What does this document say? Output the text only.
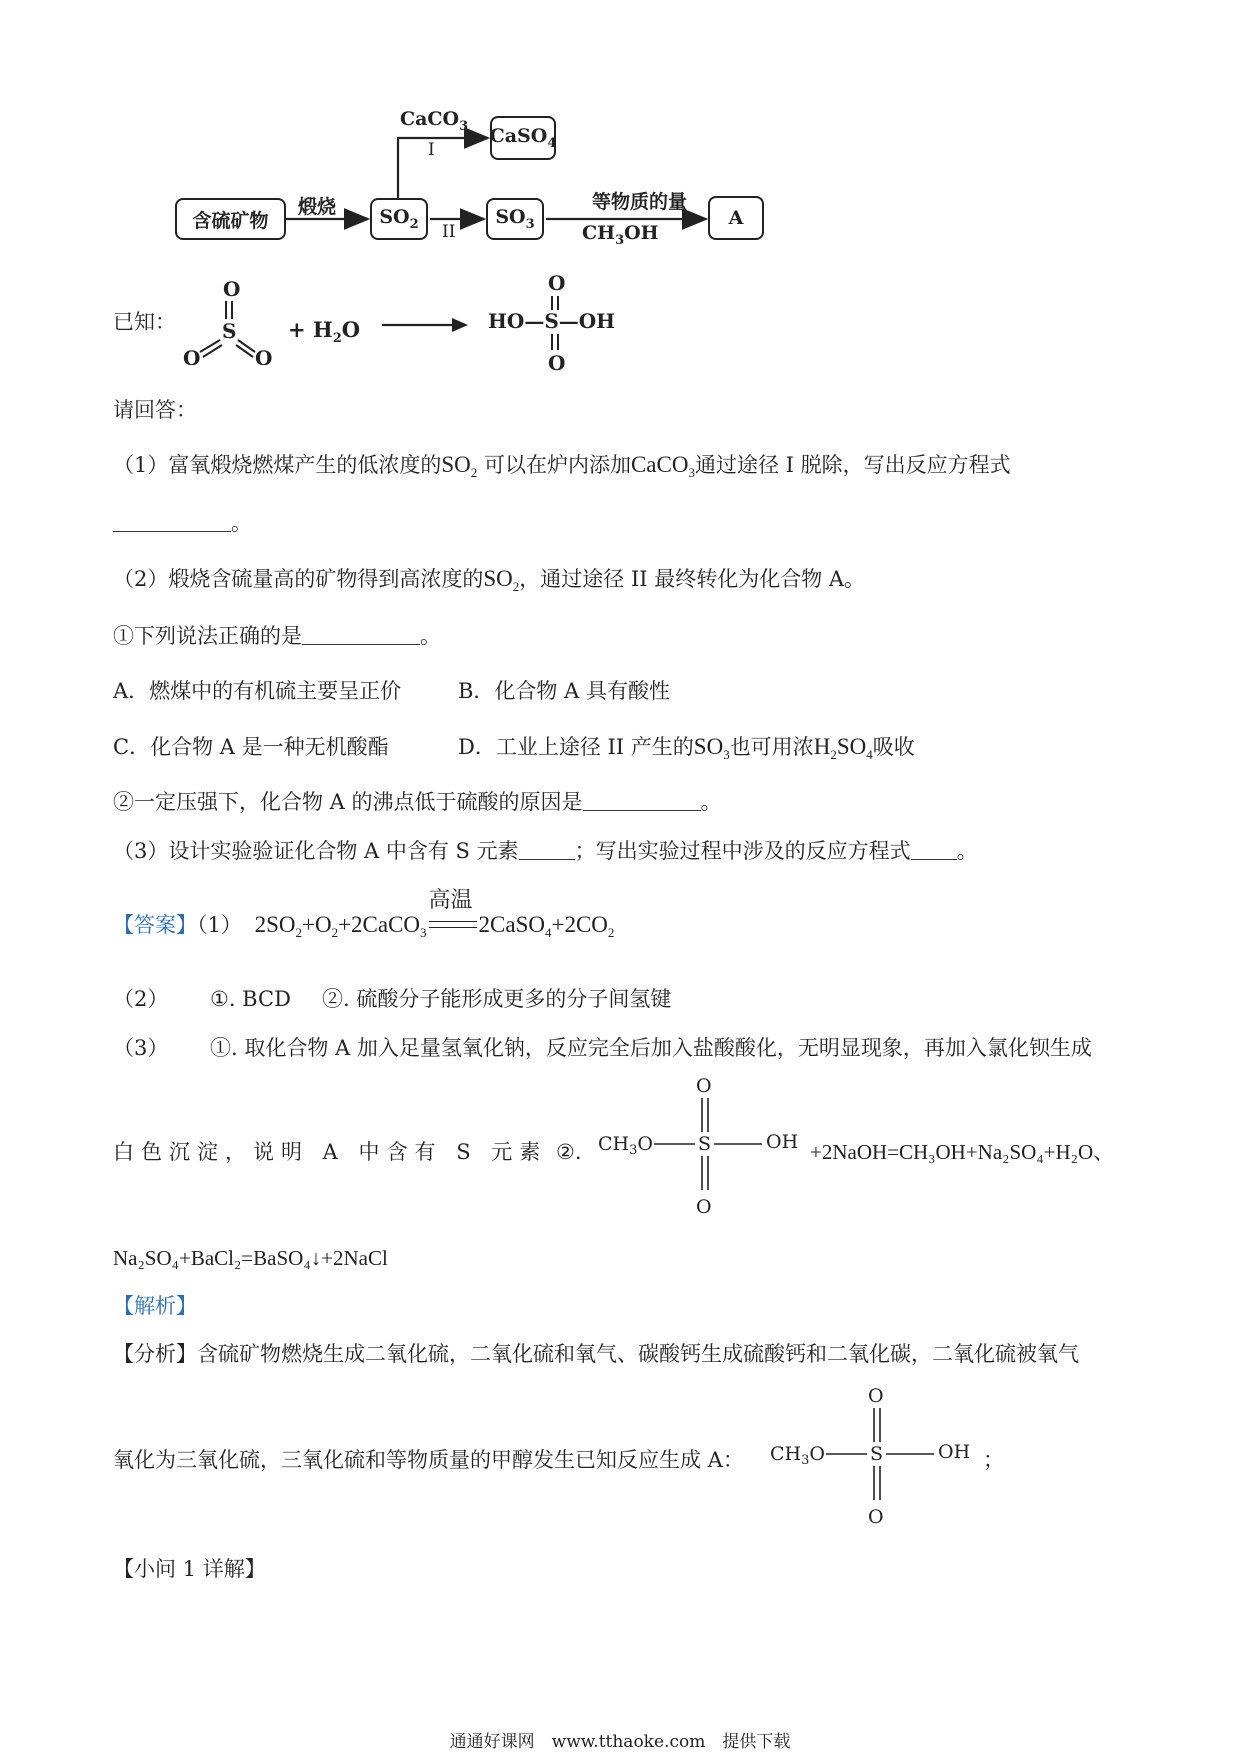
含硫矿物
煅烧 $SO_2$
CaCO$_3$
I
CaSO$_4$
II
$SO_3$
等物质的量
$CH_3OH$
A
已知：
O
S
O	O
+ $H_2O$
O
HO—S—OH
O
请回答：
（1）富氧煅烧燃煤产生的低浓度的$SO_2$ 可以在炉内添加CaCO$_3$通过途径 I 脱除，写出反应方程式
。
（2）煅烧含硫量高的矿物得到高浓度的$SO_2$，通过途径 II 最终转化为化合物 A。
①下列说法正确的是	。
A．燃煤中的有机硫主要呈正价	B．化合物 A 具有酸性
C．化合物 A 是一种无机酸酯	D．工业上途径 II 产生的$SO_3$也可用浓$H_2SO_4$吸收
②一定压强下，化合物 A 的沸点低于硫酸的原因是	。
（3）设计实验验证化合物 A 中含有 S 元素	；写出实验过程中涉及的反应方程式 。
【答案】（1） $2SO_2+O_2+2CaCO_3$
高温
$2CaSO_4+2CO_2$
（2） ①. BCD ②. 硫酸分子能形成更多的分子间氢键
（3） ①. 取化合物 A 加入足量氢氧化钠，反应完全后加入盐酸酸化，无明显现象，再加入氯化钡生成
白色沉淀，说明 A 中含有 S 元素 ②.
O
$CH_3O$ S	OH
O
+2NaOH=CH₃OH+Na₂SO₄+H₂O、
Na₂SO₄+BaCl₂=BaSO₄↓+2NaCl
【解析】
【分析】含硫矿物燃烧生成二氧化硫，二氧化硫和氧气、碳酸钙生成硫酸钙和二氧化碳，二氧化硫被氧气
氧化为三氧化硫，三氧化硫和等物质量的甲醇发生已知反应生成 A：
O
$CH_3O$ S	OH
O
；
【小问 1 详解】
通通好课网　www.tthaoke.com　提供下载
